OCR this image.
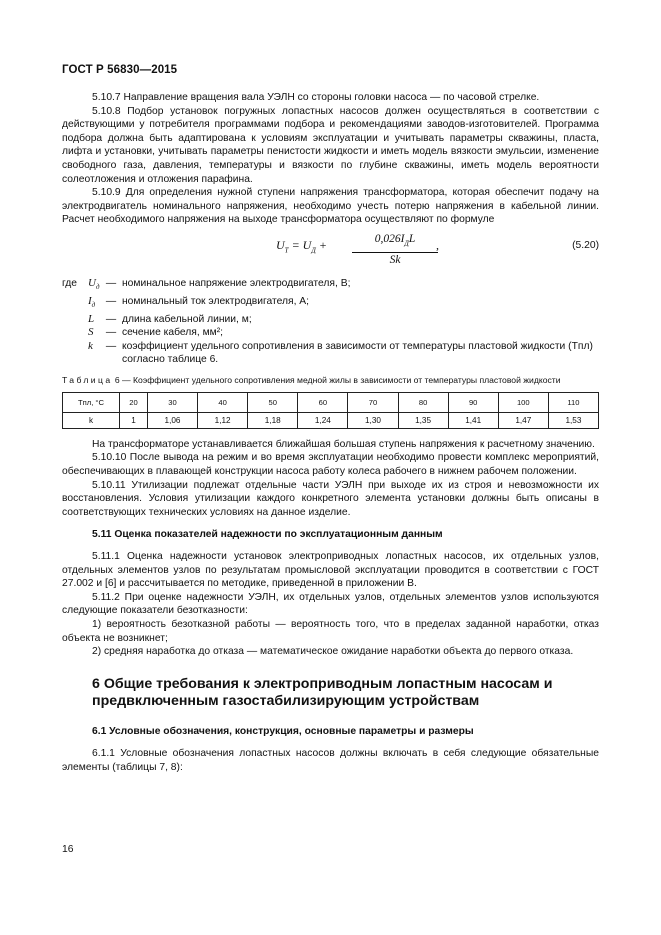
ГОСТ Р 56830—2015

5.10.7 Направление вращения вала УЭЛН со стороны головки насоса — по часовой стрелке.

5.10.8 Подбор установок погружных лопастных насосов должен осуществляться в соответствии с действующими у потребителя программами подбора и рекомендациями заводов-изготовителей. Программа подбора должна быть адаптирована к условиям эксплуатации и учитывать параметры скважины, пласта, лифта и установки, учитывать параметры пенистости жидкости и иметь модель вязкости эмульсии, изменение свободного газа, давления, температуры и вязкости по глубине скважины, иметь модель вероятности солеотложения и отложения парафина.

5.10.9 Для определения нужной ступени напряжения трансформатора, которая обеспечит подачу на электродвигатель номинального напряжения, необходимо учесть потерю напряжения в кабельной линии. Расчет необходимого напряжения на выходе трансформатора осуществляют по формуле

$U_Т = U_Д$ +	$0,026I_ДL$
Sk
,	(5.20)
где $U_д$ — номинальное напряжение электродвигателя, В;
$I_д$	— номинальный ток электродвигателя, А;
L	— длина кабельной линии, м;
S	— сечение кабеля, мм²;
k	— коэффициент удельного сопротивления в зависимости от температуры пластовой жидкости (Tпл) согласно таблице 6.
Таблица 6 — Коэффициент удельного сопротивления медной жилы в зависимости от температуры пластовой жидкости
Tпл, °С	20	30	40	50	60	70	80	90	100	110
k	1	1,06	1,12	1,18	1,24	1,30	1,35	1,41	1,47	1,53

На трансформаторе устанавливается ближайшая большая ступень напряжения к расчетному значению.

5.10.10 После вывода на режим и во время эксплуатации необходимо провести комплекс мероприятий, обеспечивающих в плавающей конструкции насоса работу колеса рабочего в нижнем рабочем положении.

5.10.11 Утилизации подлежат отдельные части УЭЛН при выходе их из строя и невозможности их восстановления. Условия утилизации каждого конкретного элемента установки должны быть описаны в соответствующих технических условиях на данное изделие.

5.11 Оценка показателей надежности по эксплуатационным данным

5.11.1 Оценка надежности установок электроприводных лопастных насосов, их отдельных узлов, отдельных элементов узлов по результатам промысловой эксплуатации проводится в соответствии с ГОСТ 27.002 и [6] и рассчитывается по методике, приведенной в приложении В.

5.11.2 При оценке надежности УЭЛН, их отдельных узлов, отдельных элементов узлов используются следующие показатели безотказности:

1) вероятность безотказной работы — вероятность того, что в пределах заданной наработки, отказ объекта не возникнет;

2) средняя наработка до отказа — математическое ожидание наработки объекта до первого отказа.

6 Общие требования к электроприводным лопастным насосам и предвключенным газостабилизирующим устройствам
6.1 Условные обозначения, конструкция, основные параметры и размеры

6.1.1 Условные обозначения лопастных насосов должны включать в себя следующие обязательные элементы (таблицы 7, 8):

16
